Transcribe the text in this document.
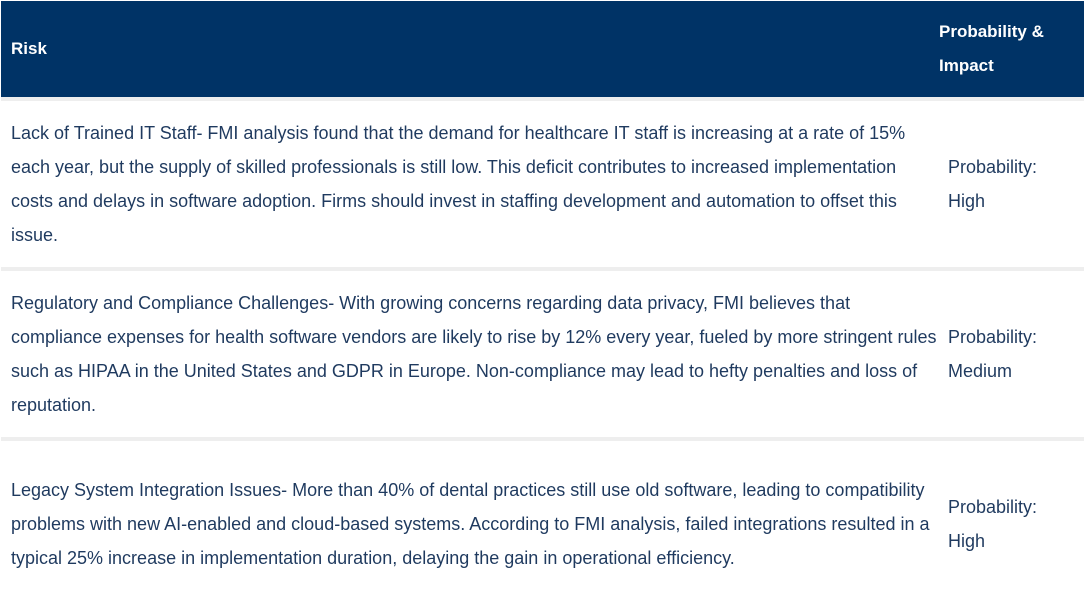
Risk
Probability & Impact
Lack of Trained IT Staff- FMI analysis found that the demand for healthcare IT staff is increasing at a rate of 15% each year, but the supply of skilled professionals is still low. This deficit contributes to increased implementation costs and delays in software adoption. Firms should invest in staffing development and automation to offset this issue.
Probability: High
Regulatory and Compliance Challenges- With growing concerns regarding data privacy, FMI believes that compliance expenses for health software vendors are likely to rise by 12% every year, fueled by more stringent rules such as HIPAA in the United States and GDPR in Europe. Non-compliance may lead to hefty penalties and loss of reputation.
Probability: Medium
Legacy System Integration Issues- More than 40% of dental practices still use old software, leading to compatibility problems with new AI-enabled and cloud-based systems. According to FMI analysis, failed integrations resulted in a typical 25% increase in implementation duration, delaying the gain in operational efficiency.
Probability: High
